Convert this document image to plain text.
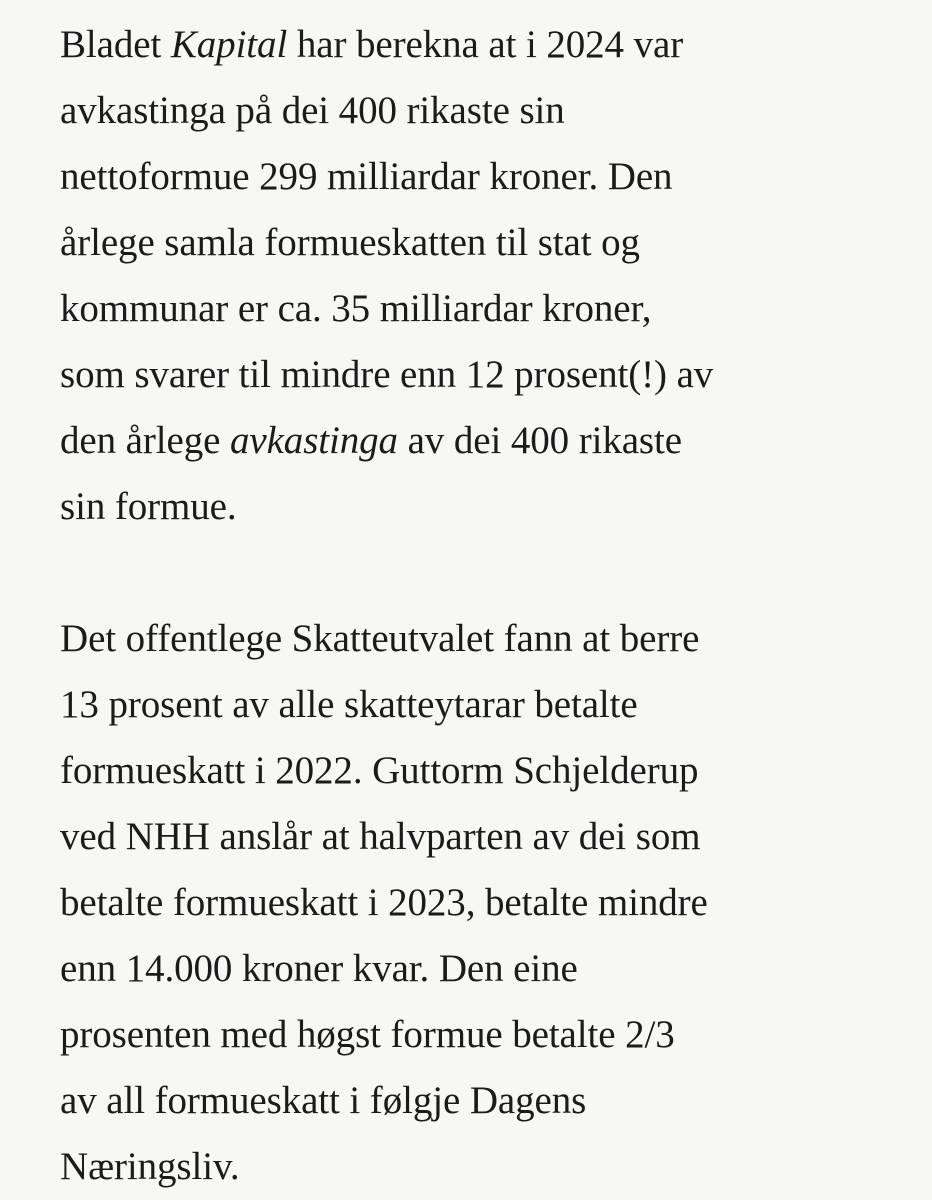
Bladet Kapital har berekna at i 2024 var
avkastinga på dei 400 rikaste sin
nettoformue 299 milliardar kroner. Den
årlege samla formueskatten til stat og
kommunar er ca. 35 milliardar kroner,
som svarer til mindre enn 12 prosent(!) av
den årlege avkastinga av dei 400 rikaste
sin formue.
Det offentlege Skatteutvalet fann at berre
13 prosent av alle skatteytarar betalte
formueskatt i 2022. Guttorm Schjelderup
ved NHH anslår at halvparten av dei som
betalte formueskatt i 2023, betalte mindre
enn 14.000 kroner kvar. Den eine
prosenten med høgst formue betalte 2/3
av all formueskatt i følgje Dagens
Næringsliv.
